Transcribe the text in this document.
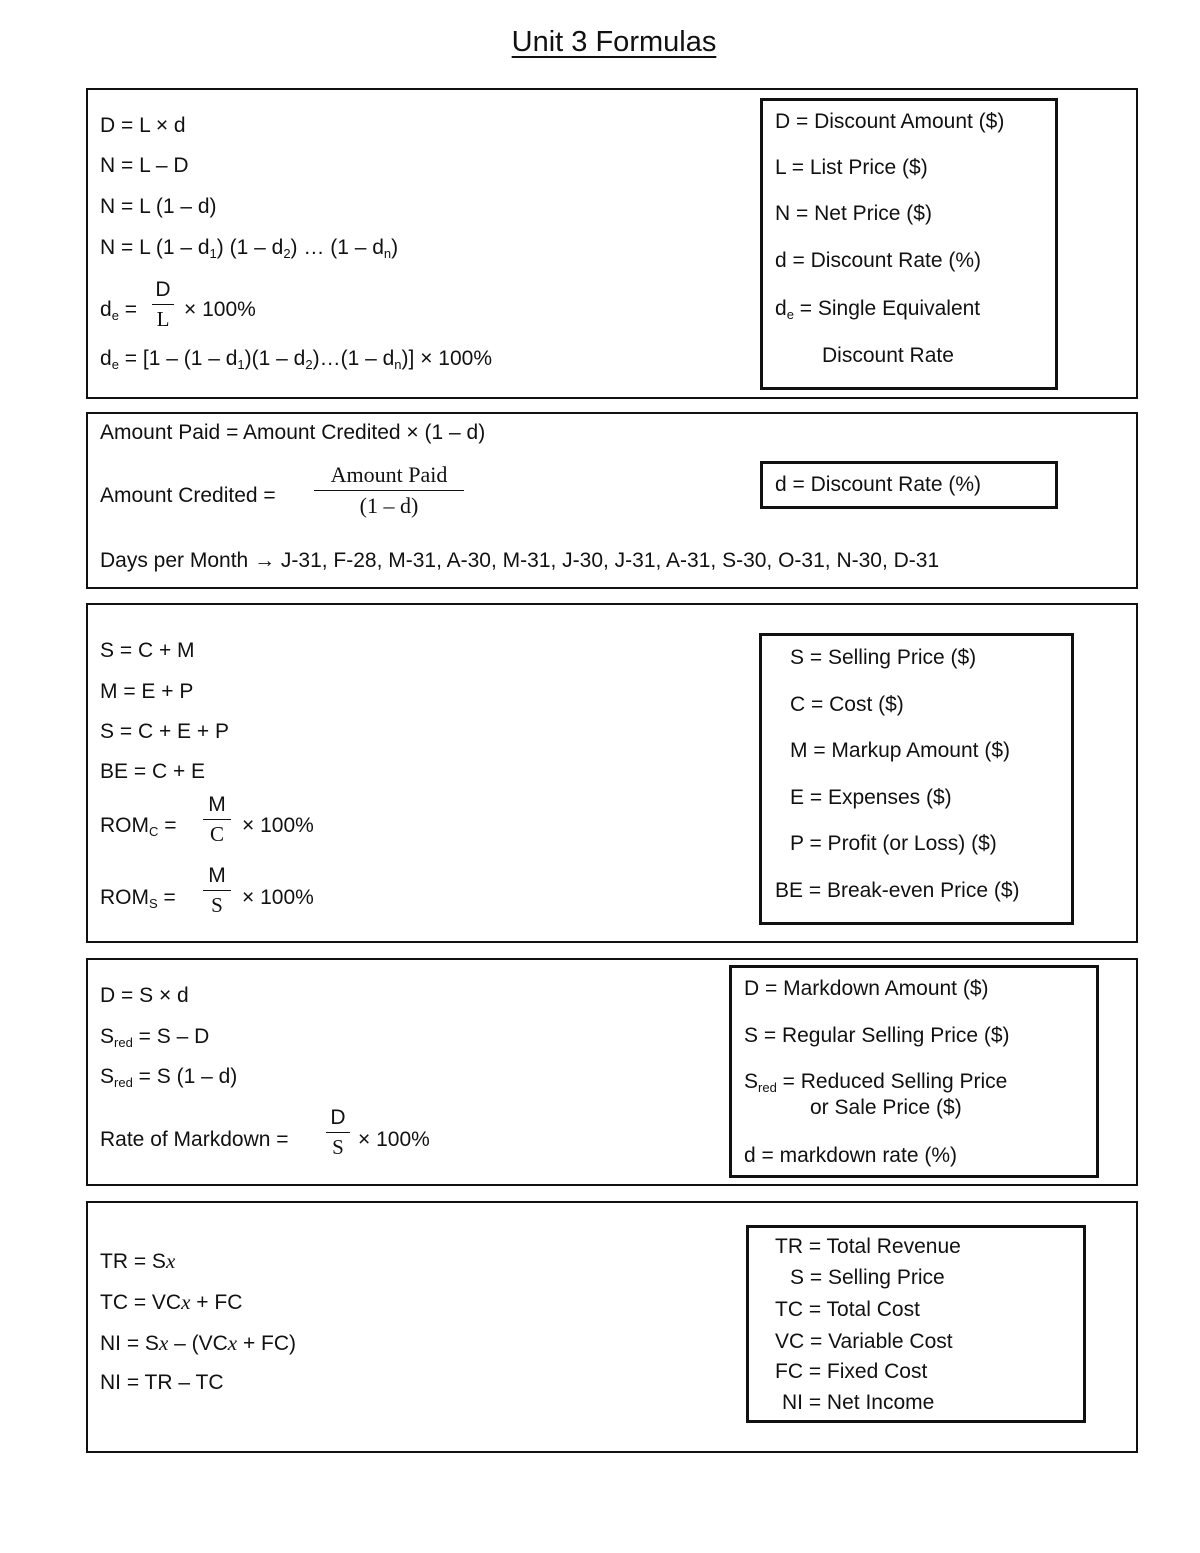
Unit 3 Formulas
D = L × d
N = L – D
N = L (1 – d)
N = L $(1 - d_1)$ $(1 - d_2)$ … $(1 - d_n)$
$d_e$ =
D
L × 100%
$d_e = [1 - (1 - d_1)(1$ – $d_2)\dots(1 - d_n)] \times 100\%$
D = Discount Amount ($)
L = List Price ($)
N = Net Price ($)
d = Discount Rate (%)
$d_e$ = Single Equivalent
Discount Rate
Amount Paid = Amount Credited × (1 – d)
Amount Credited =
Amount Paid
(1 – d)
Days per Month → J-31, F-28, M-31, A-30, M-31, J-30, J-31, A-31, S-30, O-31, N-30, D-31
d = Discount Rate (%)
S = C + M
M = E + P
S = C + E + P
BE = C + E
$ROM_C$ =
M
C × 100%
$ROM_S$ =
M
S × 100%
S = Selling Price ($)
C = Cost ($)
M = Markup Amount ($)
E = Expenses ($)
P = Profit (or Loss) ($)
BE = Break-even Price ($)
D = S × d
$S_{red} = S - D$
$S_{red} = S$ (1 – d)
Rate of Markdown =
D
S × 100%
D = Markdown Amount ($)
S = Regular Selling Price ($)
$S_{red}$ = Reduced Selling Price
or Sale Price ($)
d = markdown rate (%)
TR = Sx
TC = VCx + FC
NI = Sx – (VCx + FC)
NI = TR – TC
TR = Total Revenue
S = Selling Price
TC = Total Cost
VC = Variable Cost
FC = Fixed Cost
NI = Net Income
